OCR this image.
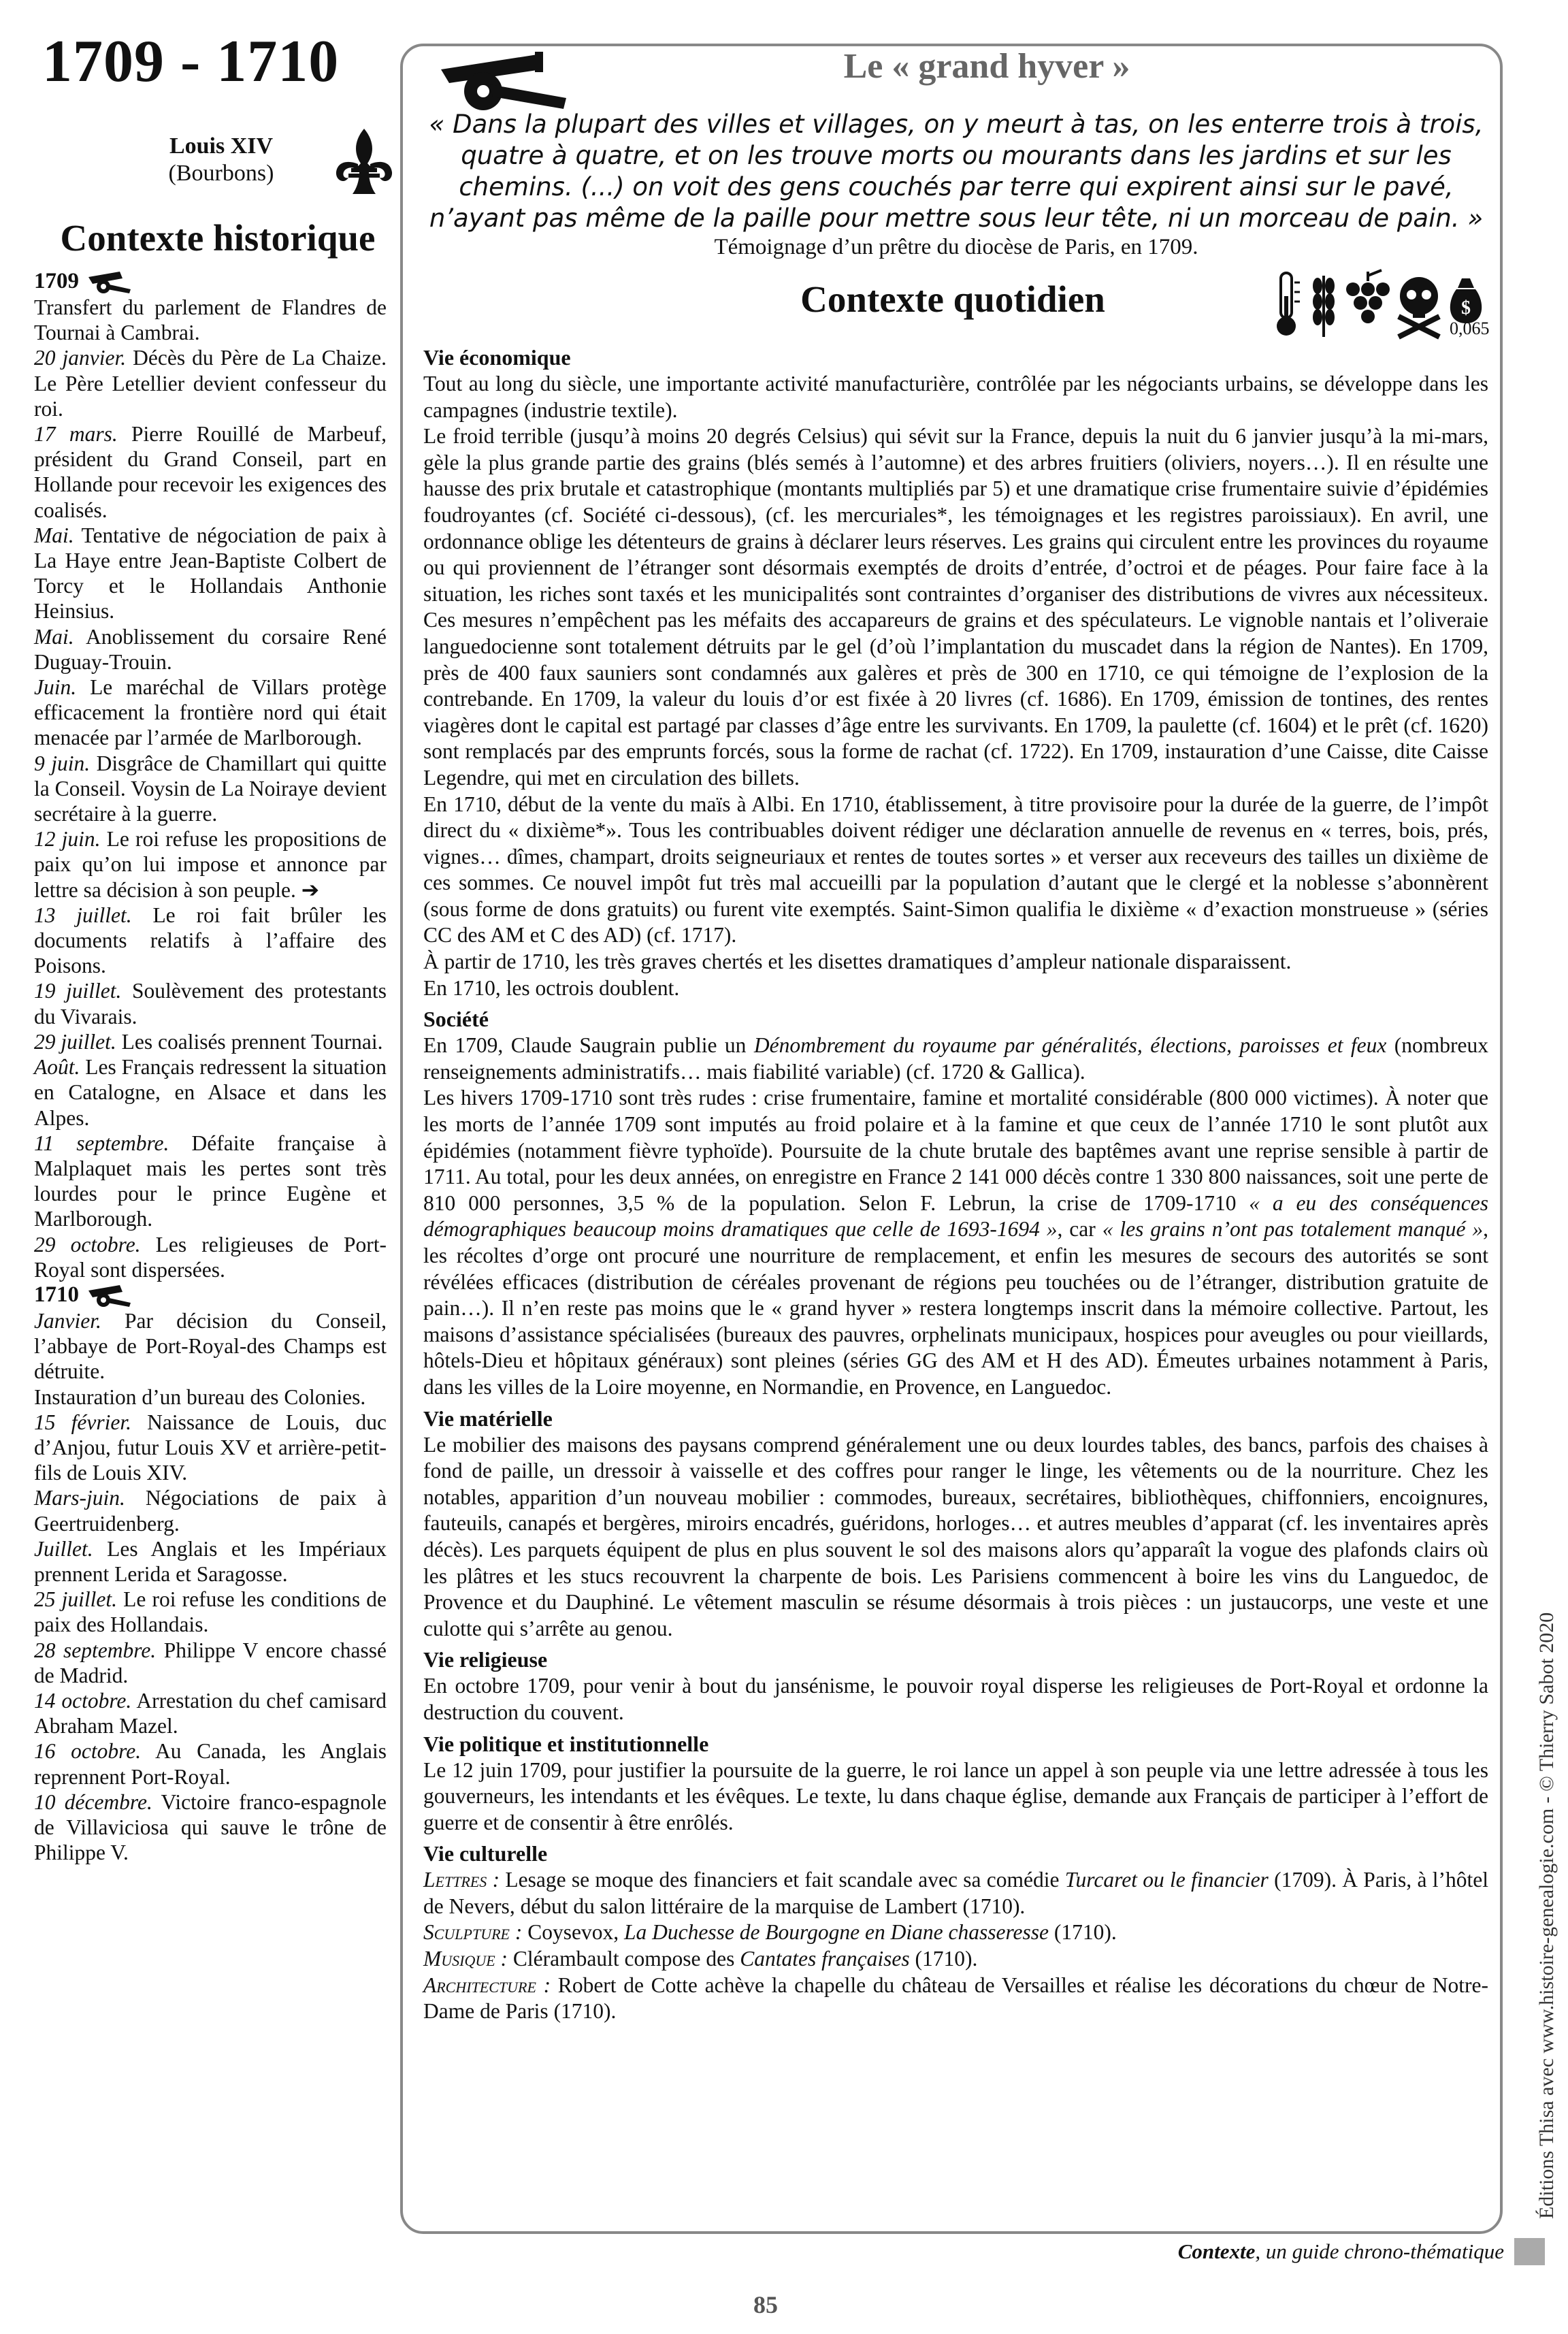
1709 - 1710
Louis XIV
(Bourbons)
Contexte historique
1709

Transfert du parlement de Flandres de Tournai à Cambrai.

20 janvier. Décès du Père de La Chaize. Le Père Letellier devient confesseur du roi.

17 mars. Pierre Rouillé de Marbeuf, président du Grand Conseil, part en Hollande pour recevoir les exigences des coalisés.

Mai. Tentative de négociation de paix à La Haye entre Jean-Baptiste Colbert de Torcy et le Hollandais Anthonie Heinsius.

Mai. Anoblissement du corsaire René Duguay-Trouin.

Juin. Le maréchal de Villars protège efficacement la frontière nord qui était menacée par l’armée de Marlborough.

9 juin. Disgrâce de Chamillart qui quitte la Conseil. Voysin de La Noiraye devient secrétaire à la guerre.

12 juin. Le roi refuse les propositions de paix qu’on lui impose et annonce par lettre sa décision à son peuple. ➔

13 juillet. Le roi fait brûler les documents relatifs à l’affaire des Poisons.

19 juillet. Soulèvement des protestants du Vivarais.

29 juillet. Les coalisés prennent Tournai.

Août. Les Français redressent la situation en Catalogne, en Alsace et dans les Alpes.

11 septembre. Défaite française à Malplaquet mais les pertes sont très lourdes pour le prince Eugène et Marlborough.

29 octobre. Les religieuses de Port-Royal sont dispersées.

1710

Janvier. Par décision du Conseil, l’abbaye de Port-Royal-des Champs est détruite.

Instauration d’un bureau des Colonies.

15 février. Naissance de Louis, duc d’Anjou, futur Louis XV et arrière-petit-fils de Louis XIV.

Mars-juin. Négociations de paix à Geertruidenberg.

Juillet. Les Anglais et les Impériaux prennent Lerida et Saragosse.

25 juillet. Le roi refuse les conditions de paix des Hollandais.

28 septembre. Philippe V encore chassé de Madrid.

14 octobre. Arrestation du chef camisard Abraham Mazel.

16 octobre. Au Canada, les Anglais reprennent Port-Royal.

10 décembre. Victoire franco-espagnole de Villaviciosa qui sauve le trône de Philippe V.

Le « grand hyver »
« Dans la plupart des villes et villages, on y meurt à tas, on les enterre trois à trois, quatre à quatre, et on les trouve morts ou mourants dans les jardins et sur les chemins. (...) on voit des gens couchés par terre qui expirent ainsi sur le pavé, n’ayant pas même de la paille pour mettre sous leur tête, ni un morceau de pain. »
Témoignage d’un prêtre du diocèse de Paris, en 1709.
Contexte quotidien	$
0,065
Vie économique

Tout au long du siècle, une importante activité manufacturière, contrôlée par les négociants urbains, se développe dans les campagnes (industrie textile).

Le froid terrible (jusqu’à moins 20 degrés Celsius) qui sévit sur la France, depuis la nuit du 6 janvier jusqu’à la mi-mars, gèle la plus grande partie des grains (blés semés à l’automne) et des arbres fruitiers (oliviers, noyers…). Il en résulte une hausse des prix brutale et catastrophique (montants multipliés par 5) et une dramatique crise frumentaire suivie d’épidémies foudroyantes (cf. Société ci-dessous), (cf. les mercuriales*, les témoignages et les registres paroissiaux). En avril, une ordonnance oblige les détenteurs de grains à déclarer leurs réserves. Les grains qui circulent entre les provinces du royaume ou qui proviennent de l’étranger sont désormais exemptés de droits d’entrée, d’octroi et de péages. Pour faire face à la situation, les riches sont taxés et les municipalités sont contraintes d’organiser des distributions de vivres aux nécessiteux. Ces mesures n’empêchent pas les méfaits des accapareurs de grains et des spéculateurs. Le vignoble nantais et l’oliveraie languedocienne sont totalement détruits par le gel (d’où l’implantation du muscadet dans la région de Nantes). En 1709, près de 400 faux sauniers sont condamnés aux galères et près de 300 en 1710, ce qui témoigne de l’explosion de la contrebande. En 1709, la valeur du louis d’or est fixée à 20 livres (cf. 1686). En 1709, émission de tontines, des rentes viagères dont le capital est partagé par classes d’âge entre les survivants. En 1709, la paulette (cf. 1604) et le prêt (cf. 1620) sont remplacés par des emprunts forcés, sous la forme de rachat (cf. 1722). En 1709, instauration d’une Caisse, dite Caisse Legendre, qui met en circulation des billets.

En 1710, début de la vente du maïs à Albi. En 1710, établissement, à titre provisoire pour la durée de la guerre, de l’impôt direct du « dixième*». Tous les contribuables doivent rédiger une déclaration annuelle de revenus en « terres, bois, prés, vignes… dîmes, champart, droits seigneuriaux et rentes de toutes sortes » et verser aux receveurs des tailles un dixième de ces sommes. Ce nouvel impôt fut très mal accueilli par la population d’autant que le clergé et la noblesse s’abonnèrent (sous forme de dons gratuits) ou furent vite exemptés. Saint-Simon qualifia le dixième « d’exaction monstrueuse » (séries CC des AM et C des AD) (cf. 1717).

À partir de 1710, les très graves chertés et les disettes dramatiques d’ampleur nationale disparaissent.

En 1710, les octrois doublent.

Société

En 1709, Claude Saugrain publie un Dénombrement du royaume par généralités, élections, paroisses et feux (nombreux renseignements administratifs… mais fiabilité variable) (cf. 1720 & Gallica).

Les hivers 1709-1710 sont très rudes : crise frumentaire, famine et mortalité considérable (800 000 victimes). À noter que les morts de l’année 1709 sont imputés au froid polaire et à la famine et que ceux de l’année 1710 le sont plutôt aux épidémies (notamment fièvre typhoïde). Poursuite de la chute brutale des baptêmes avant une reprise sensible à partir de 1711. Au total, pour les deux années, on enregistre en France 2 141 000 décès contre 1 330 800 naissances, soit une perte de 810 000 personnes, 3,5 % de la population. Selon F. Lebrun, la crise de 1709-1710 « a eu des conséquences démographiques beaucoup moins dramatiques que celle de 1693-1694 », car « les grains n’ont pas totalement manqué », les récoltes d’orge ont procuré une nourriture de remplacement, et enfin les mesures de secours des autorités se sont révélées efficaces (distribution de céréales provenant de régions peu touchées ou de l’étranger, distribution gratuite de pain…). Il n’en reste pas moins que le « grand hyver » restera longtemps inscrit dans la mémoire collective. Partout, les maisons d’assistance spécialisées (bureaux des pauvres, orphelinats municipaux, hospices pour aveugles ou pour vieillards, hôtels-Dieu et hôpitaux généraux) sont pleines (séries GG des AM et H des AD). Émeutes urbaines notamment à Paris, dans les villes de la Loire moyenne, en Normandie, en Provence, en Languedoc.

Vie matérielle

Le mobilier des maisons des paysans comprend généralement une ou deux lourdes tables, des bancs, parfois des chaises à fond de paille, un dressoir à vaisselle et des coffres pour ranger le linge, les vêtements ou de la nourriture. Chez les notables, apparition d’un nouveau mobilier : commodes, bureaux, secrétaires, bibliothèques, chiffonniers, encoignures, fauteuils, canapés et bergères, miroirs encadrés, guéridons, horloges… et autres meubles d’apparat (cf. les inventaires après décès). Les parquets équipent de plus en plus souvent le sol des maisons alors qu’apparaît la vogue des plafonds clairs où les plâtres et les stucs recouvrent la charpente de bois. Les Parisiens commencent à boire les vins du Languedoc, de Provence et du Dauphiné. Le vêtement masculin se résume désormais à trois pièces : un justaucorps, une veste et une culotte qui s’arrête au genou.

Vie religieuse

En octobre 1709, pour venir à bout du jansénisme, le pouvoir royal disperse les religieuses de Port-Royal et ordonne la destruction du couvent.

Vie politique et institutionnelle

Le 12 juin 1709, pour justifier la poursuite de la guerre, le roi lance un appel à son peuple via une lettre adressée à tous les gouverneurs, les intendants et les évêques. Le texte, lu dans chaque église, demande aux Français de participer à l’effort de guerre et de consentir à être enrôlés.

Vie culturelle

Lettres : Lesage se moque des financiers et fait scandale avec sa comédie Turcaret ou le financier (1709). À Paris, à l’hôtel de Nevers, début du salon littéraire de la marquise de Lambert (1710).

Sculpture : Coysevox, La Duchesse de Bourgogne en Diane chasseresse (1710).

Musique : Clérambault compose des Cantates françaises (1710).

Architecture : Robert de Cotte achève la chapelle du château de Versailles et réalise les décorations du chœur de Notre-Dame de Paris (1710).	Éditions Thisa avec www.histoire-genealogie.com - © Thierry Sabot 2020
Contexte, un guide chrono-thématique
85
